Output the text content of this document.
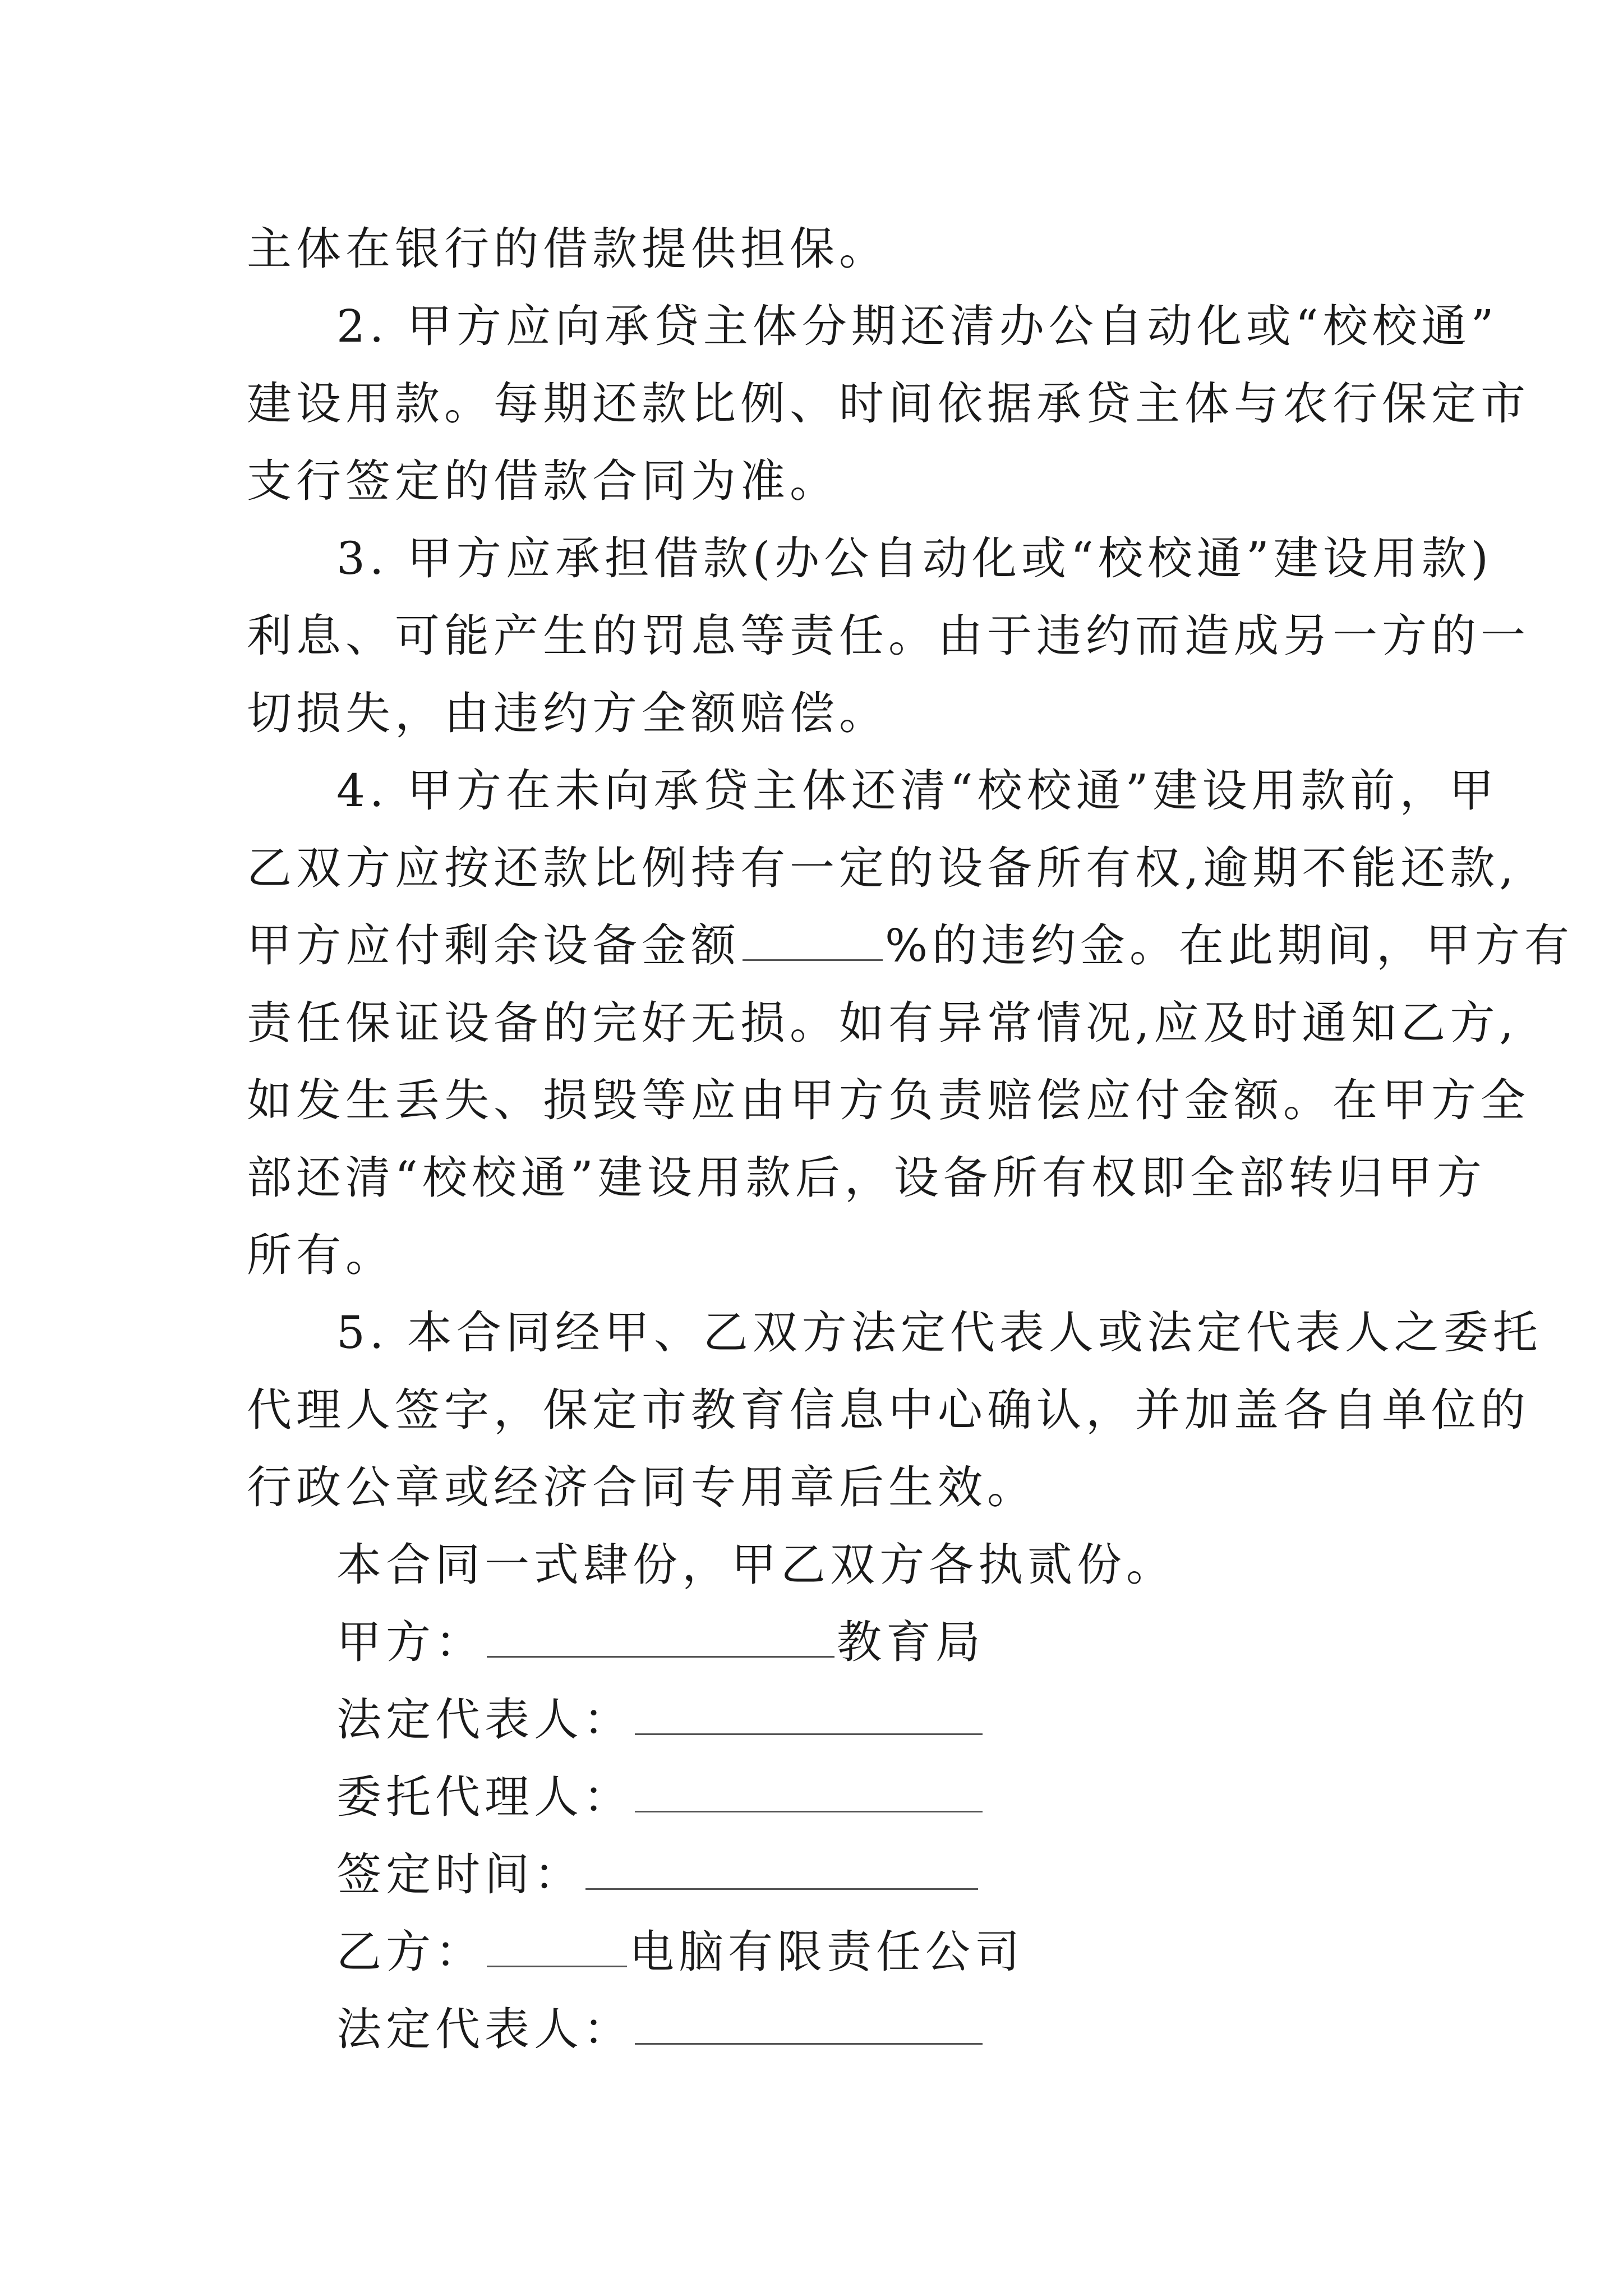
主体在银行的借款提供担保。
2. 甲方应向承贷主体分期还清办公自动化或“校校通”
建设用款。每期还款比例、时间依据承贷主体与农行保定市
支行签定的借款合同为准。
3. 甲方应承担借款(办公自动化或“校校通”建设用款)
利息、可能产生的罚息等责任。由于违约而造成另一方的一
切损失，由违约方全额赔偿。
4. 甲方在未向承贷主体还清“校校通”建设用款前，甲
乙双方应按还款比例持有一定的设备所有权,逾期不能还款,
甲方应付剩余设备金额	%的违约金。在此期间，甲方有
责任保证设备的完好无损。如有异常情况,应及时通知乙方,
如发生丢失、损毁等应由甲方负责赔偿应付金额。在甲方全
部还清“校校通”建设用款后，设备所有权即全部转归甲方
所有。
5. 本合同经甲、乙双方法定代表人或法定代表人之委托
代理人签字，保定市教育信息中心确认，并加盖各自单位的
行政公章或经济合同专用章后生效。
本合同一式肆份，甲乙双方各执贰份。
甲方：	教育局
法定代表人：
委托代理人：
签定时间：
乙方：	电脑有限责任公司
法定代表人：
